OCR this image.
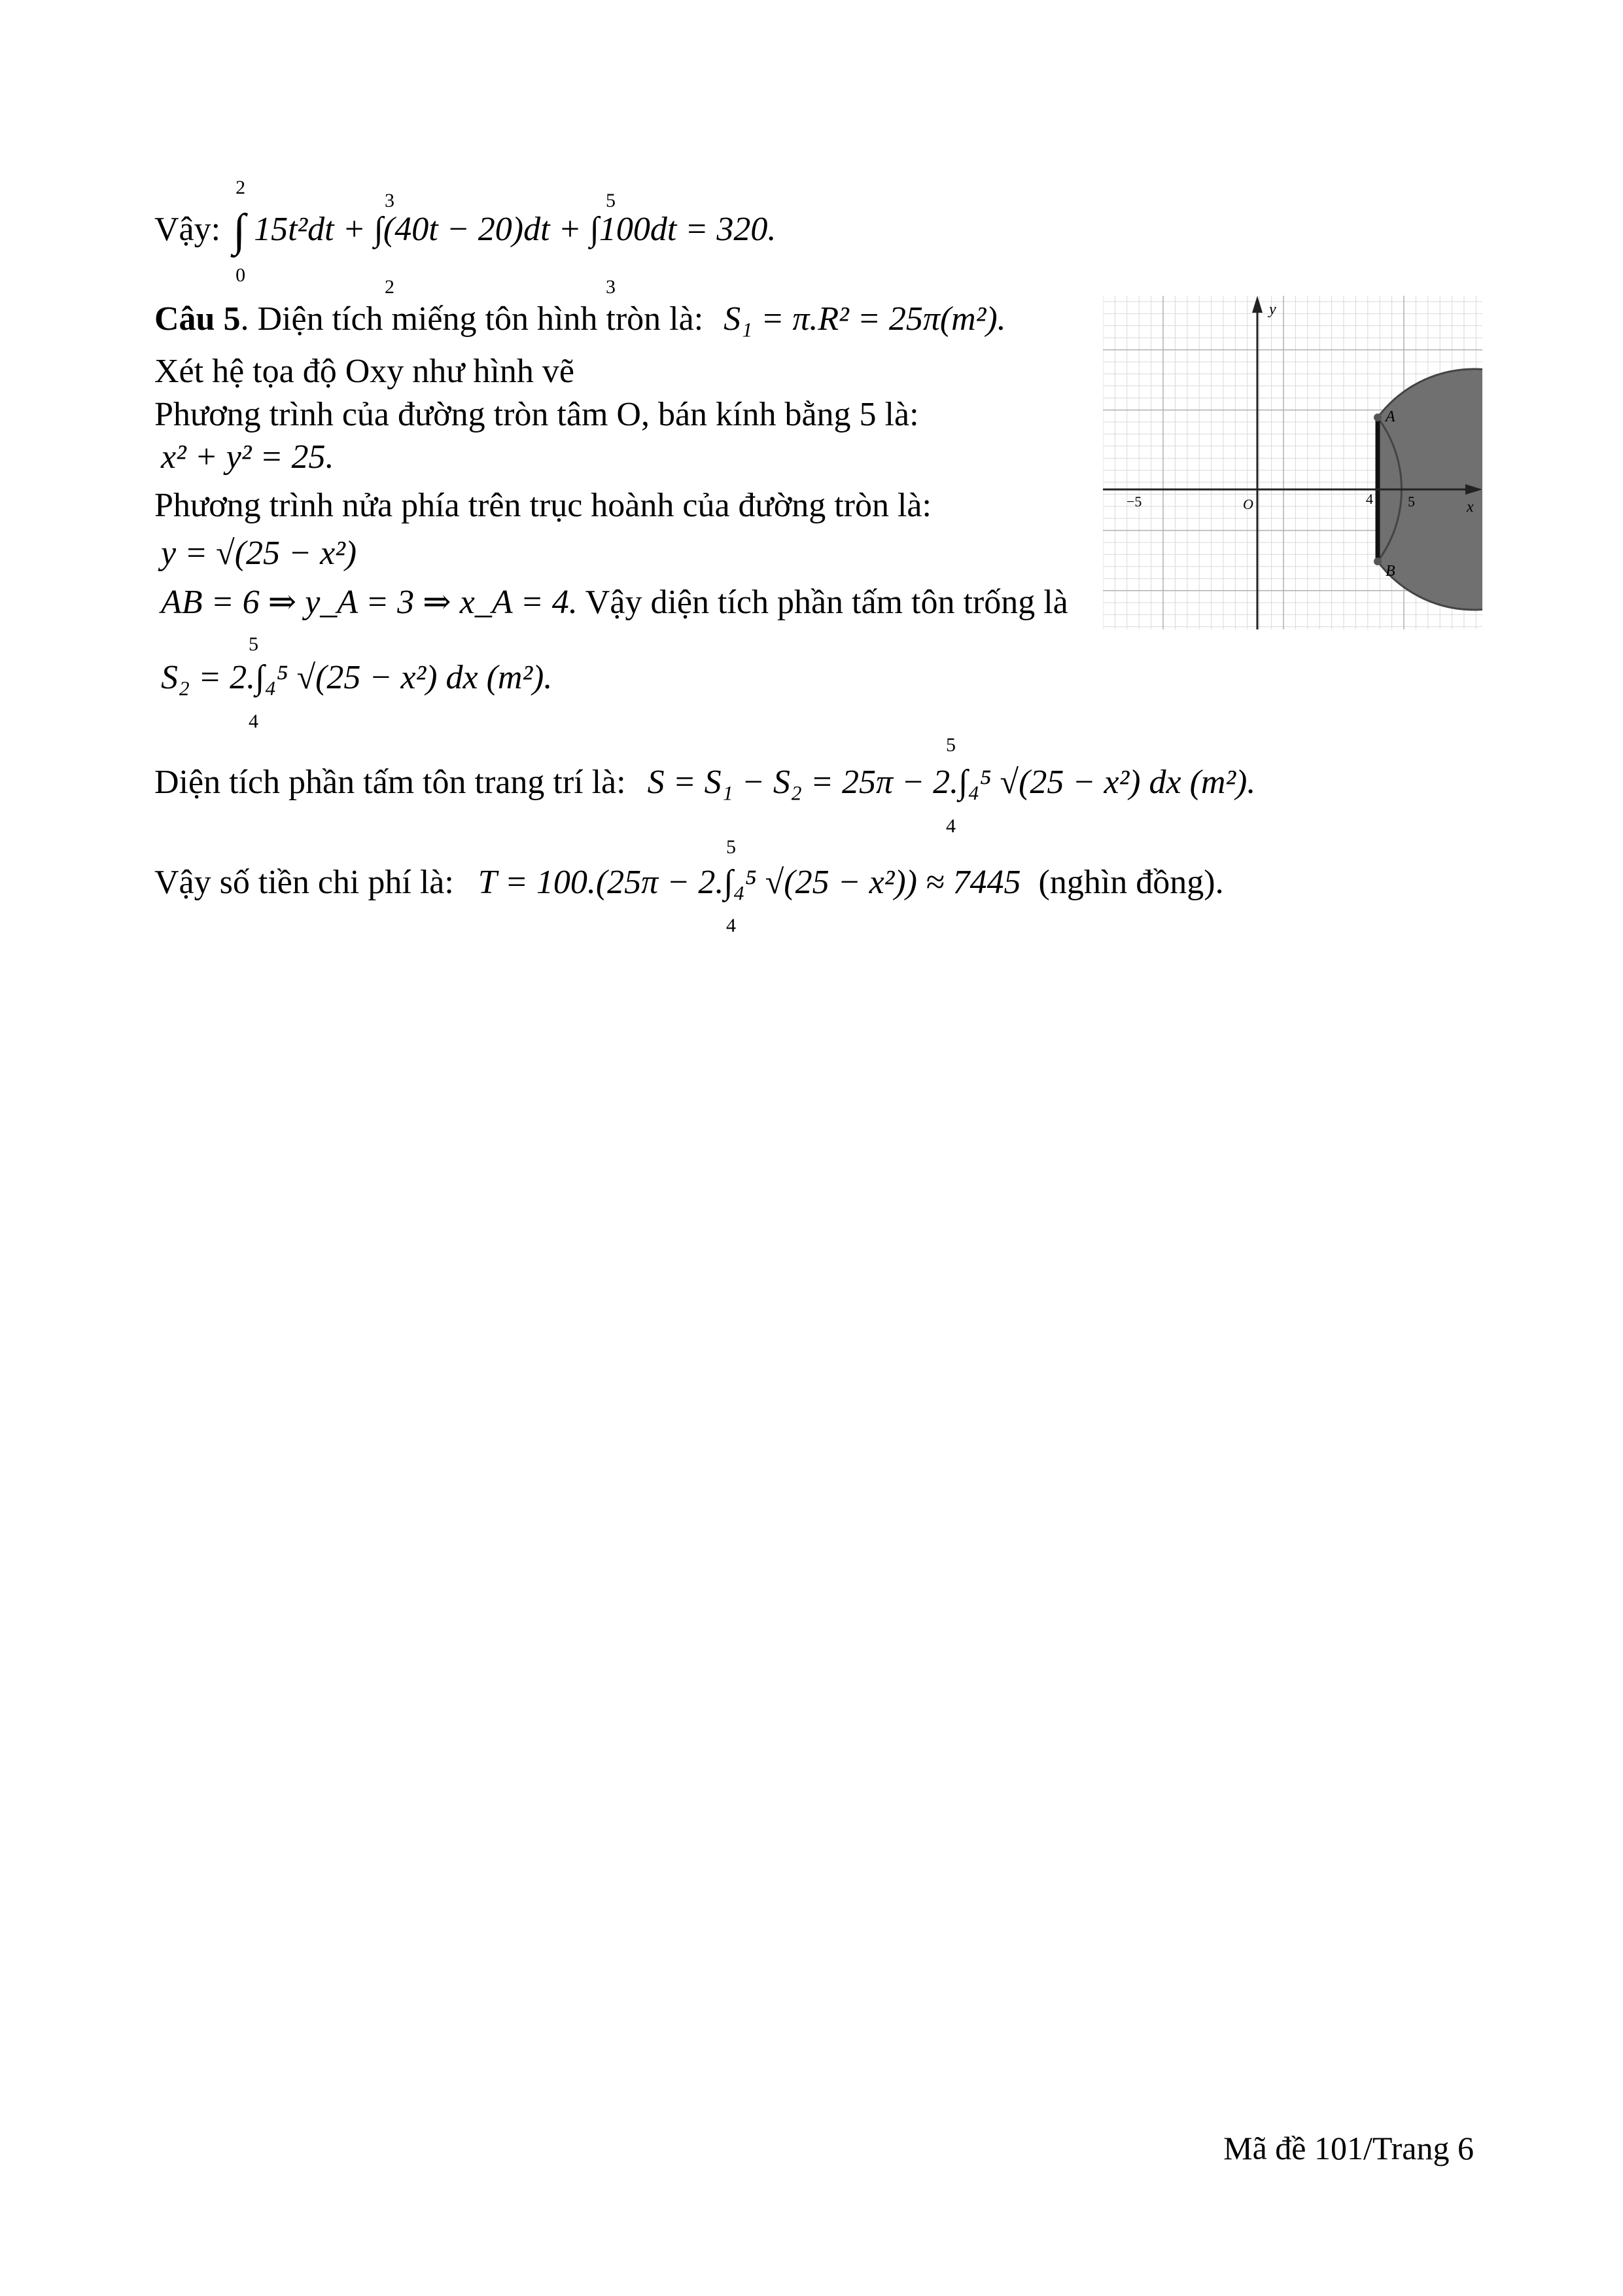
Vậy: ∫
2
0
15t²dt + ∫(40t − 20)dt + ∫100dt = 320.
3
2
5
3
Câu 5. Diện tích miếng tôn hình tròn là: S₁ = π.R² = 25π(m²).
Xét hệ tọa độ Oxy như hình vẽ
Phương trình của đường tròn tâm O, bán kính bằng 5 là:
x² + y² = 25.
Phương trình nửa phía trên trục hoành của đường tròn là:
y = √(25 − x²)
AB = 6 ⇒ y_A = 3 ⇒ x_A = 4. Vậy diện tích phần tấm tôn trống là
S₂ = 2.∫₄⁵ √(25 − x²) dx (m²).
5
4
Diện tích phần tấm tôn trang trí là: S = S₁ − S₂ = 25π − 2.∫₄⁵ √(25 − x²) dx (m²).
5
4
Vậy số tiền chi phí là: T = 100.(25π − 2.∫₄⁵ √(25 − x²)) ≈ 7445 (nghìn đồng).
5
4
y
x
O
−5	4 5
A
B
Mã đề 101/Trang 6
